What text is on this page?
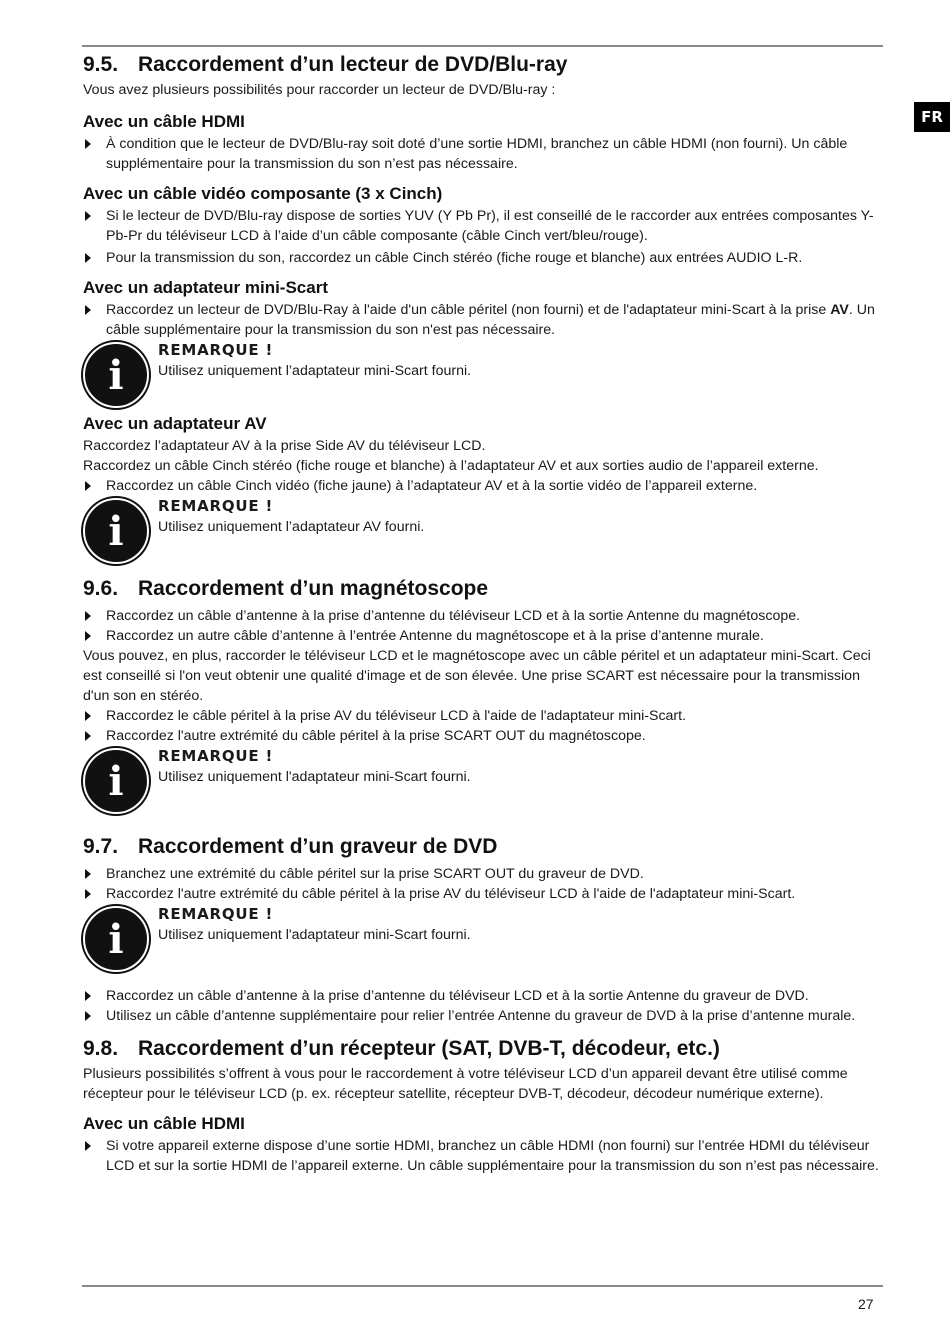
FR
9.5. Raccordement d’un lecteur de DVD/Blu-ray

Vous avez plusieurs possibilités pour raccorder un lecteur de DVD/Blu-ray :

Avec un câble HDMI
À condition que le lecteur de DVD/Blu-ray soit doté d’une sortie HDMI, branchez un câble HDMI (non fourni). Un câble supplémentaire pour la transmission du son n’est pas nécessaire.
Avec un câble vidéo composante (3 x Cinch)
Si le lecteur de DVD/Blu-ray dispose de sorties YUV (Y Pb Pr), il est conseillé de le raccorder aux entrées composantes Y-Pb-Pr du téléviseur LCD à l’aide d’un câble composante (câble Cinch vert/bleu/rouge).
Pour la transmission du son, raccordez un câble Cinch stéréo (fiche rouge et blanche) aux entrées AUDIO L-R.
Avec un adaptateur mini-Scart
Raccordez un lecteur de DVD/Blu-Ray à l'aide d'un câble péritel (non fourni) et de l'adaptateur mini-Scart à la prise AV. Un câble supplémentaire pour la transmission du son n'est pas nécessaire.
i
REMARQUE !
Utilisez uniquement l’adaptateur mini-Scart fourni.
Avec un adaptateur AV

Raccordez l’adaptateur AV à la prise Side AV du téléviseur LCD.

Raccordez un câble Cinch stéréo (fiche rouge et blanche) à l’adaptateur AV et aux sorties audio de l’appareil externe.

Raccordez un câble Cinch vidéo (fiche jaune) à l’adaptateur AV et à la sortie vidéo de l’appareil externe.
i
REMARQUE !
Utilisez uniquement l’adaptateur AV fourni.
9.6. Raccordement d’un magnétoscope
Raccordez un câble d’antenne à la prise d’antenne du téléviseur LCD et à la sortie Antenne du magnétoscope.
Raccordez un autre câble d’antenne à l’entrée Antenne du magnétoscope et à la prise d’antenne murale.

Vous pouvez, en plus, raccorder le téléviseur LCD et le magnétoscope avec un câble péritel et un adaptateur mini-Scart. Ceci est conseillé si l'on veut obtenir une qualité d'image et de son élevée. Une prise SCART est nécessaire pour la transmission d'un son en stéréo.

Raccordez le câble péritel à la prise AV du téléviseur LCD à l'aide de l'adaptateur mini-Scart.
Raccordez l'autre extrémité du câble péritel à la prise SCART OUT du magnétoscope.
i
REMARQUE !
Utilisez uniquement l'adaptateur mini-Scart fourni.
9.7. Raccordement d’un graveur de DVD
Branchez une extrémité du câble péritel sur la prise SCART OUT du graveur de DVD.
Raccordez l'autre extrémité du câble péritel à la prise AV du téléviseur LCD à l'aide de l'adaptateur mini-Scart.
i
REMARQUE !
Utilisez uniquement l'adaptateur mini-Scart fourni.
Raccordez un câble d’antenne à la prise d’antenne du téléviseur LCD et à la sortie Antenne du graveur de DVD.
Utilisez un câble d’antenne supplémentaire pour relier l’entrée Antenne du graveur de DVD à la prise d’antenne murale.
9.8. Raccordement d’un récepteur (SAT, DVB-T, décodeur, etc.)

Plusieurs possibilités s’offrent à vous pour le raccordement à votre téléviseur LCD d’un appareil devant être utilisé comme récepteur pour le téléviseur LCD (p. ex. récepteur satellite, récepteur DVB-T, décodeur, décodeur numérique externe).

Avec un câble HDMI
Si votre appareil externe dispose d’une sortie HDMI, branchez un câble HDMI (non fourni) sur l’entrée HDMI du téléviseur LCD et sur la sortie HDMI de l’appareil externe. Un câble supplémentaire pour la transmission du son n’est pas nécessaire.
27
